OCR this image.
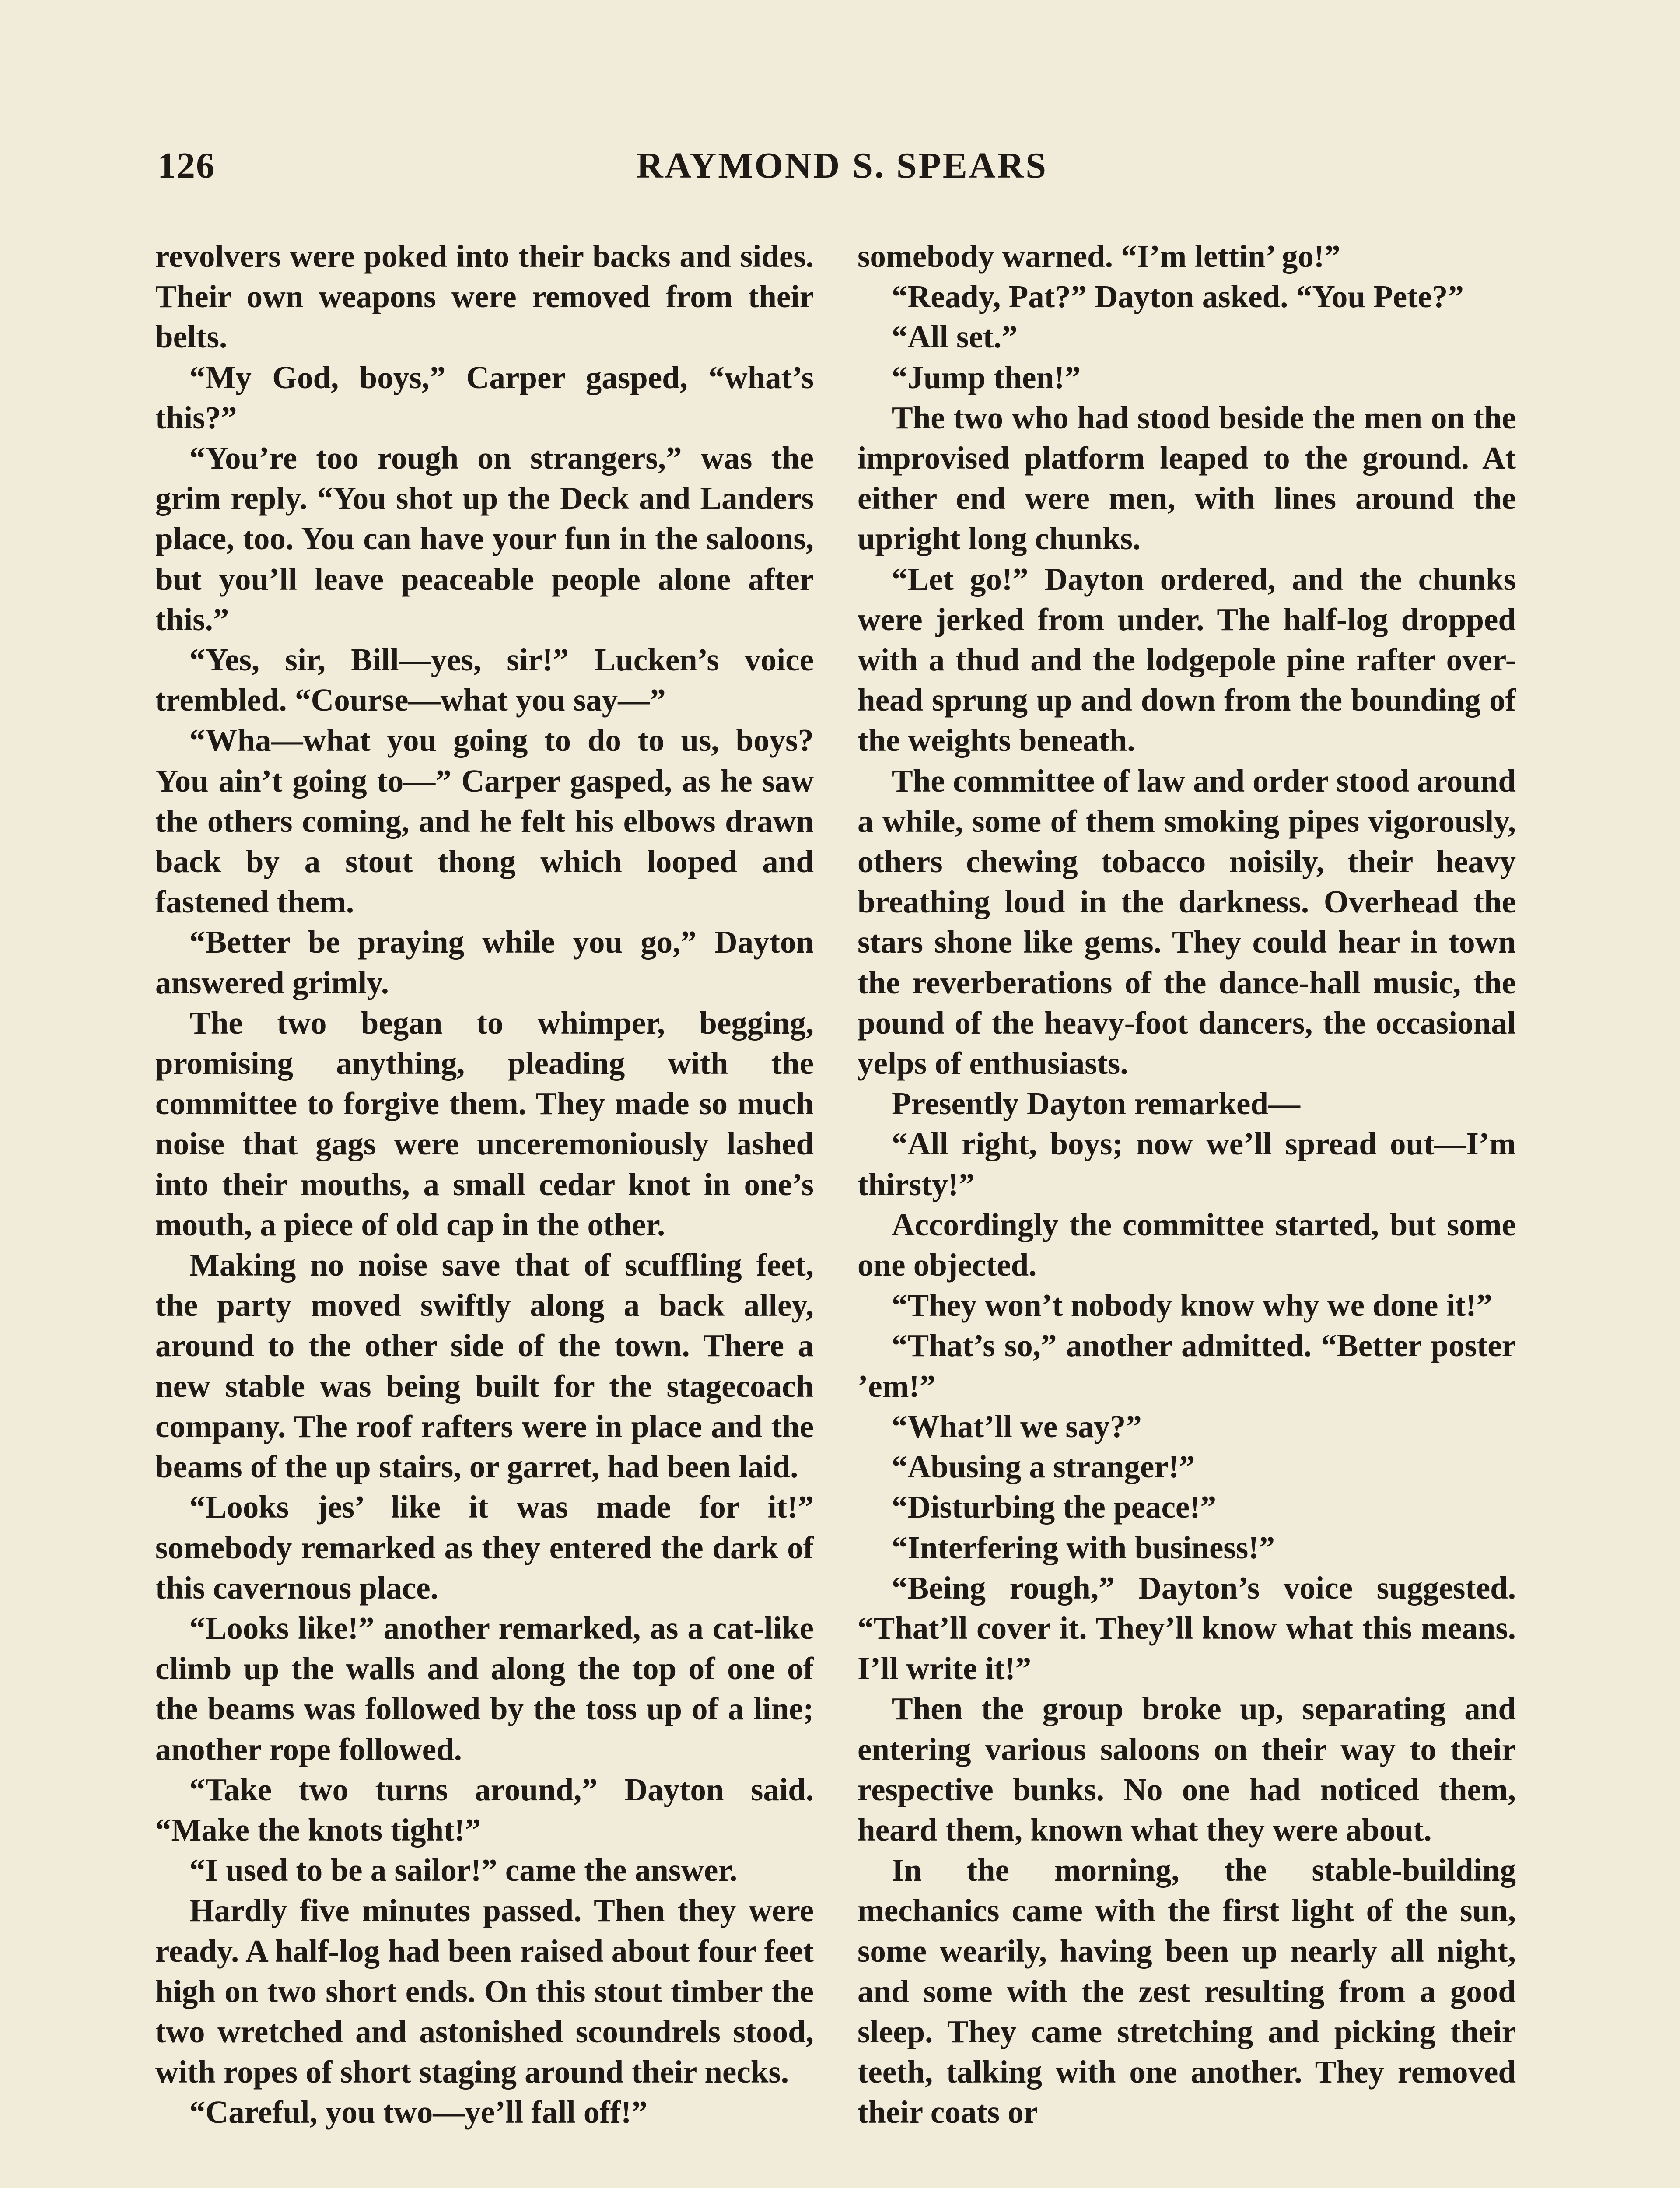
126	RAYMOND S. SPEARS

revolvers were poked into their backs and sides. Their own weapons were removed from their belts.

“My God, boys,” Carper gasped, “what’s this?”

“You’re too rough on strangers,” was the grim reply. “You shot up the Deck and Landers place, too. You can have your fun in the saloons, but you’ll leave peaceable people alone after this.”

“Yes, sir, Bill—yes, sir!” Lucken’s voice trembled. “Course—what you say—”

“Wha—what you going to do to us, boys? You ain’t going to—” Carper gasped, as he saw the others coming, and he felt his elbows drawn back by a stout thong which looped and fastened them.

“Better be praying while you go,” Dayton answered grimly.

The two began to whimper, begging, promising anything, pleading with the committee to forgive them. They made so much noise that gags were unceremoniously lashed into their mouths, a small cedar knot in one’s mouth, a piece of old cap in the other.

Making no noise save that of scuffling feet, the party moved swiftly along a back alley, around to the other side of the town. There a new stable was being built for the stagecoach company. The roof rafters were in place and the beams of the up stairs, or garret, had been laid.

“Looks jes’ like it was made for it!” somebody remarked as they entered the dark of this cavernous place.

“Looks like!” another remarked, as a cat-like climb up the walls and along the top of one of the beams was followed by the toss up of a line; another rope followed.

“Take two turns around,” Dayton said. “Make the knots tight!”

“I used to be a sailor!” came the answer.

Hardly five minutes passed. Then they were ready. A half-log had been raised about four feet high on two short ends. On this stout timber the two wretched and astonished scoundrels stood, with ropes of short staging around their necks.

“Careful, you two—ye’ll fall off!”

somebody warned. “I’m lettin’ go!”

“Ready, Pat?” Dayton asked. “You Pete?”

“All set.”

“Jump then!”

The two who had stood beside the men on the improvised platform leaped to the ground. At either end were men, with lines around the upright long chunks.

“Let go!” Dayton ordered, and the chunks were jerked from under. The half-log dropped with a thud and the lodgepole pine rafter over-head sprung up and down from the bounding of the weights beneath.

The committee of law and order stood around a while, some of them smoking pipes vigorously, others chewing tobacco noisily, their heavy breathing loud in the darkness. Overhead the stars shone like gems. They could hear in town the reverberations of the dance-hall music, the pound of the heavy-foot dancers, the occasional yelps of enthusiasts.

Presently Dayton remarked—

“All right, boys; now we’ll spread out—I’m thirsty!”

Accordingly the committee started, but some one objected.

“They won’t nobody know why we done it!”

“That’s so,” another admitted. “Better poster ’em!”

“What’ll we say?”

“Abusing a stranger!”

“Disturbing the peace!”

“Interfering with business!”

“Being rough,” Dayton’s voice suggested. “That’ll cover it. They’ll know what this means. I’ll write it!”

Then the group broke up, separating and entering various saloons on their way to their respective bunks. No one had noticed them, heard them, known what they were about.

In the morning, the stable-building mechanics came with the first light of the sun, some wearily, having been up nearly all night, and some with the zest resulting from a good sleep. They came stretching and picking their teeth, talking with one another. They removed their coats or
